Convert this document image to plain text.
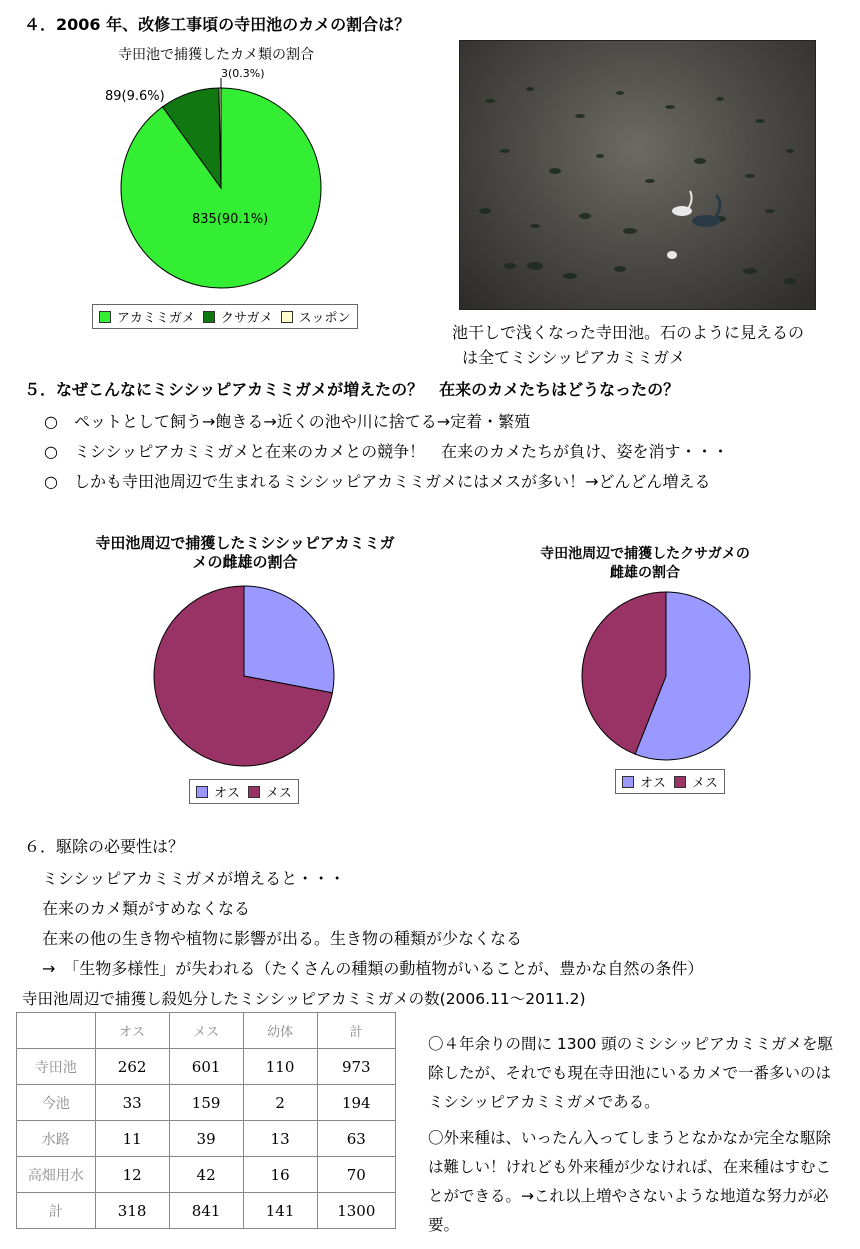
４．2006 年、改修工事頃の寺田池のカメの割合は？
寺田池で捕獲したカメ類の割合
3(0.3%)
89(9.6%)
835(90.1%)
アカミミガメ クサガメ スッポン
池干しで浅くなった寺田池。石のように見えるの
は全てミシシッピアカミミガメ
５．なぜこんなにミシシッピアカミミガメが増えたの？　在来のカメたちはどうなったの？
○　ペットとして飼う→飽きる→近くの池や川に捨てる→定着・繁殖
○　ミシシッピアカミミガメと在来のカメとの競争！　在来のカメたちが負け、姿を消す・・・
○　しかも寺田池周辺で生まれるミシシッピアカミミガメにはメスが多い！→どんどん増える
寺田池周辺で捕獲したミシシッピアカミミガ
メの雌雄の割合
オス メス
寺田池周辺で捕獲したクサガメの
雌雄の割合
オス メス
６．駆除の必要性は？
ミシシッピアカミミガメが増えると・・・
在来のカメ類がすめなくなる
在来の他の生き物や植物に影響が出る。生き物の種類が少なくなる
→　「生物多様性」が失われる（たくさんの種類の動植物がいることが、豊かな自然の条件）
寺田池周辺で捕獲し殺処分したミシシッピアカミミガメの数(2006.11～2011.2)
	オス	メス	幼体	計
寺田池	262	601	110	973
今池	33	159	2	194
水路	11	39	13	63
高畑用水	12	42	16	70
計	318	841	141	1300
〇４年余りの間に 1300 頭のミシシッピアカミミガメを駆除したが、それでも現在寺田池にいるカメで一番多いのはミシシッピアカミミガメである。
〇外来種は、いったん入ってしまうとなかなか完全な駆除は難しい！けれども外来種が少なければ、在来種はすむことができる。→これ以上増やさないような地道な努力が必要。
